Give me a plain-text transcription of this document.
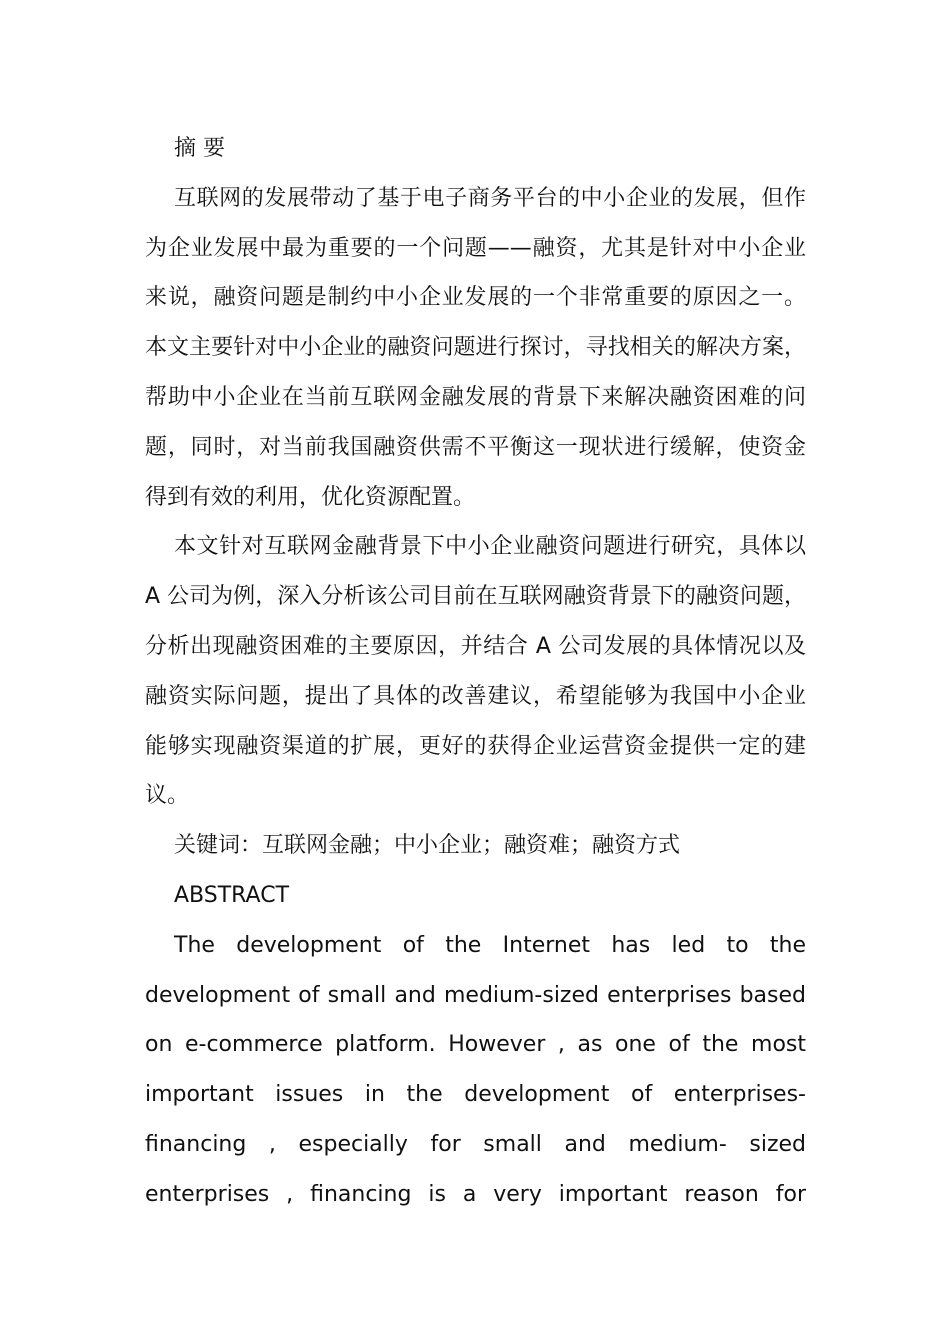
摘 要
互联网的发展带动了基于电子商务平台的中小企业的发展，但作
为企业发展中最为重要的一个问题——融资，尤其是针对中小企业
来说，融资问题是制约中小企业发展的一个非常重要的原因之一。
本文主要针对中小企业的融资问题进行探讨，寻找相关的解决方案，
帮助中小企业在当前互联网金融发展的背景下来解决融资困难的问
题，同时，对当前我国融资供需不平衡这一现状进行缓解，使资金
得到有效的利用，优化资源配置。
本文针对互联网金融背景下中小企业融资问题进行研究，具体以
A 公司为例，深入分析该公司目前在互联网融资背景下的融资问题，
分析出现融资困难的主要原因，并结合 A 公司发展的具体情况以及
融资实际问题，提出了具体的改善建议，希望能够为我国中小企业
能够实现融资渠道的扩展，更好的获得企业运营资金提供一定的建
议。
关键词：互联网金融；中小企业；融资难；融资方式
ABSTRACT
The development of the Internet has led to the
development of small and medium-sized enterprises based
on e-commerce platform. However , as one of the most
important issues in the development of enterprises-
financing , especially for small and medium- sized
enterprises , financing is a very important reason for
